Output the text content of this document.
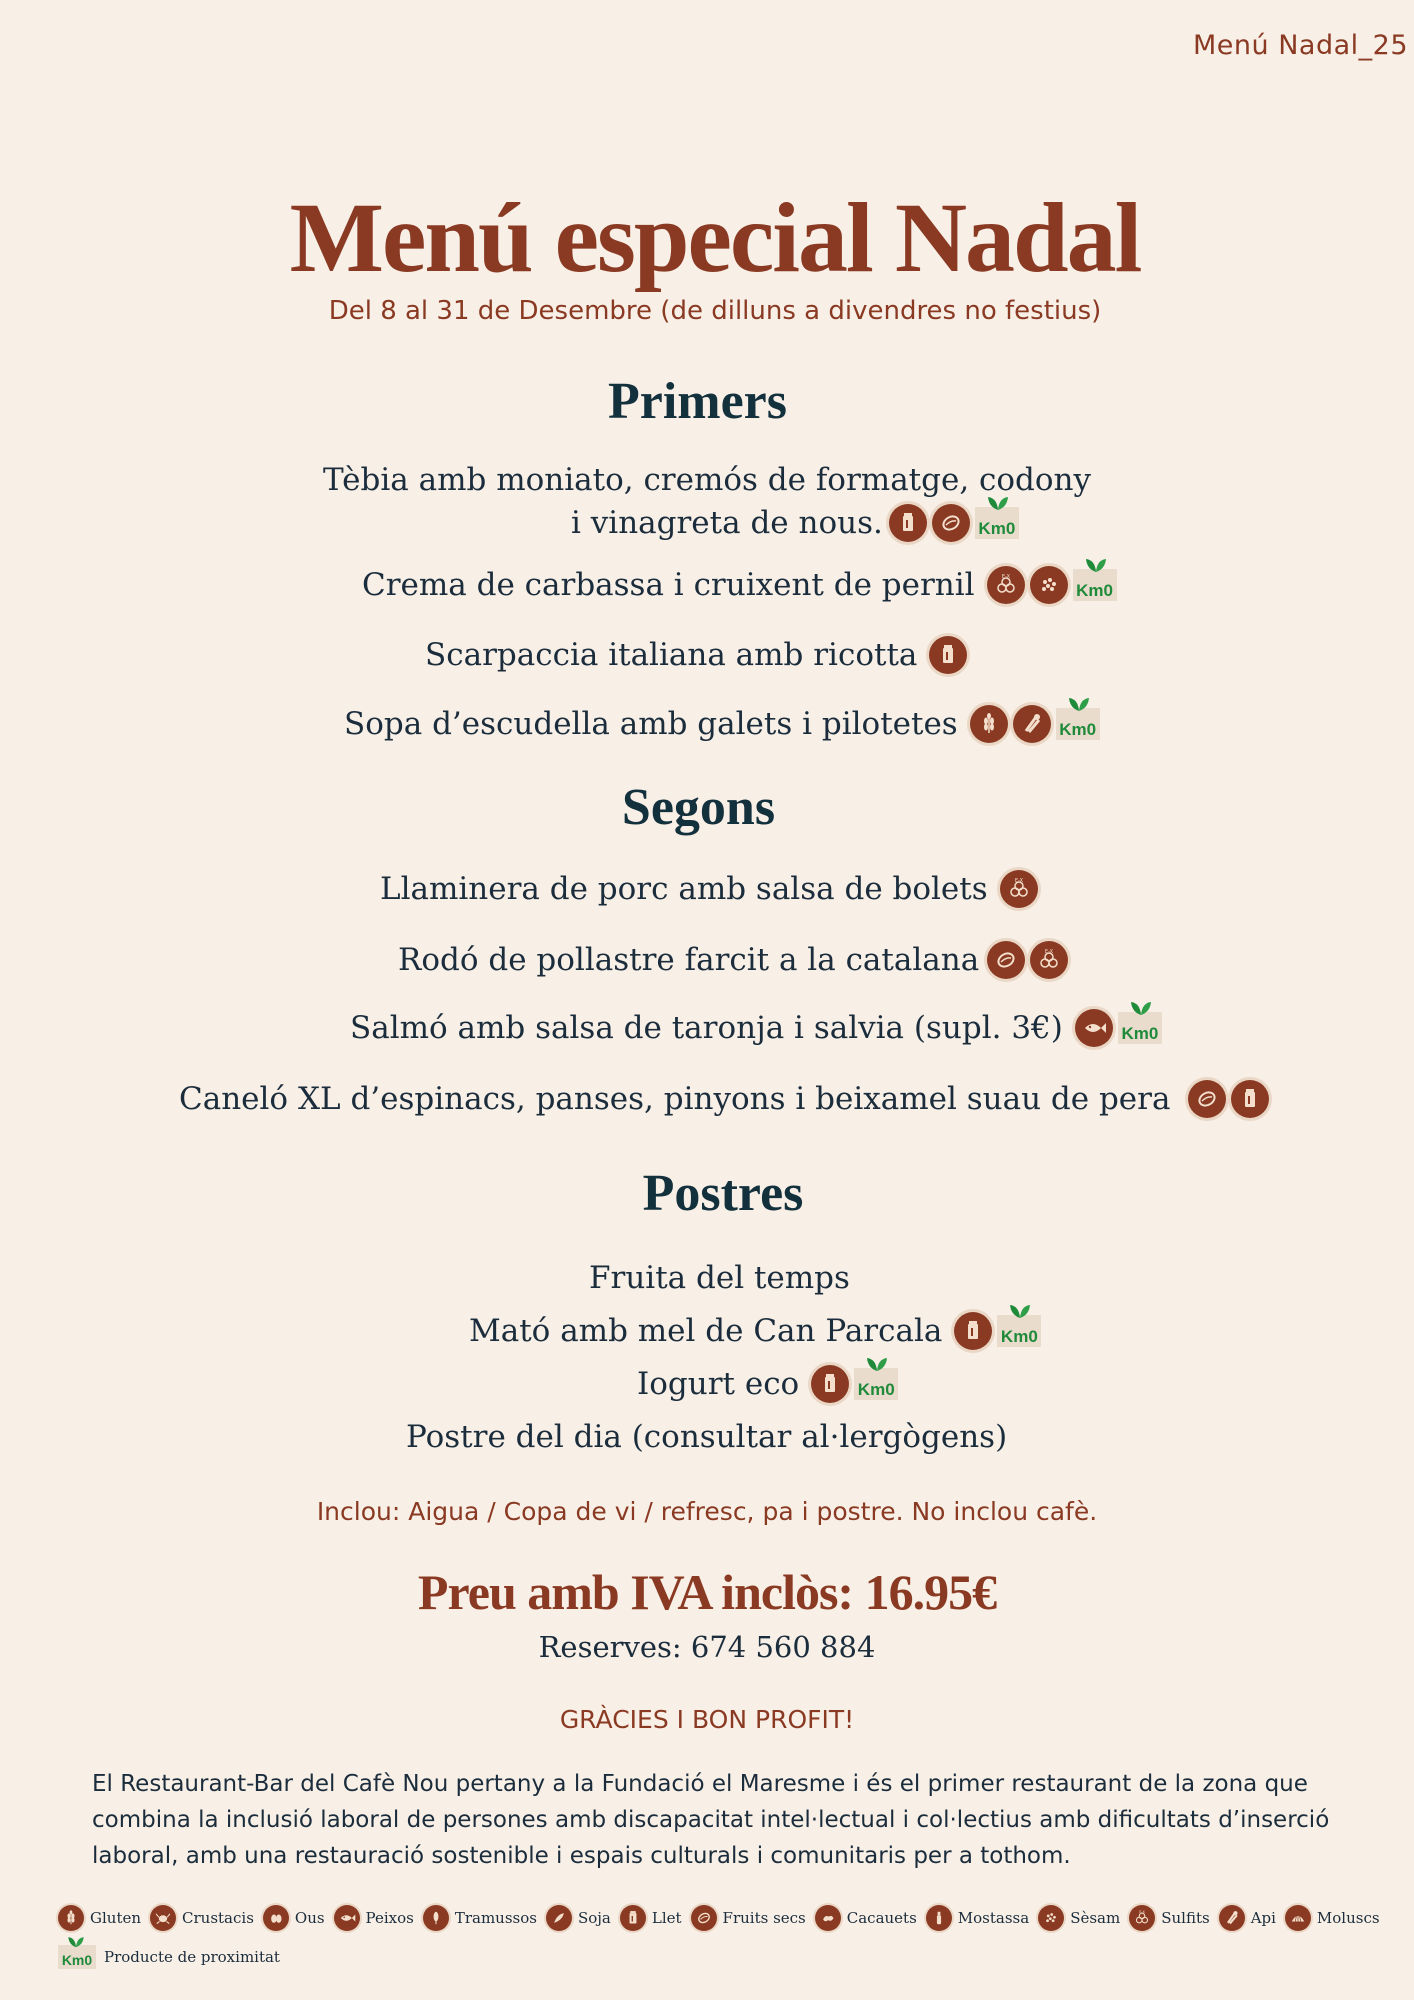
Menú Nadal_25
Menú especial Nadal
Del 8 al 31 de Desembre (de dilluns a divendres no festius)
Primers
Tèbia amb moniato, cremós de formatge, codony
i vinagreta de nous.	Km0
Crema de carbassa i cruixent de pernil	E-X
Km0
Scarpaccia italiana amb ricotta
Sopa d’escudella amb galets i pilotetes	Km0
Segons
Llaminera de porc amb salsa de bolets	E-X
Rodó de pollastre farcit a la catalana	E-X
Salmó amb salsa de taronja i salvia (supl. 3€)	Km0
Caneló XL d’espinacs, panses, pinyons i beixamel suau de pera
Postres
Fruita del temps
Mató amb mel de Can Parcala	Km0
Iogurt eco	Km0
Postre del dia (consultar al·lergògens)
Inclou: Aigua / Copa de vi / refresc, pa i postre. No inclou cafè.
Preu amb IVA inclòs: 16.95€
Reserves: 674 560 884
GRÀCIES I BON PROFIT!
El Restaurant-Bar del Cafè Nou pertany a la Fundació el Maresme i és el primer restaurant de la zona que combina la inclusió laboral de persones amb discapacitat intel·lectual i col·lectius amb dificultats d’inserció laboral, amb una restauració sostenible i espais culturals i comunitaris per a tothom.
Gluten	Crustacis	Ous	Peixos	Tramussos	Soja	Llet	Fruits secs	Cacauets	Mostassa	Sèsam	E-X Sulfits	Api	Moluscs
Km0 Producte de proximitat
